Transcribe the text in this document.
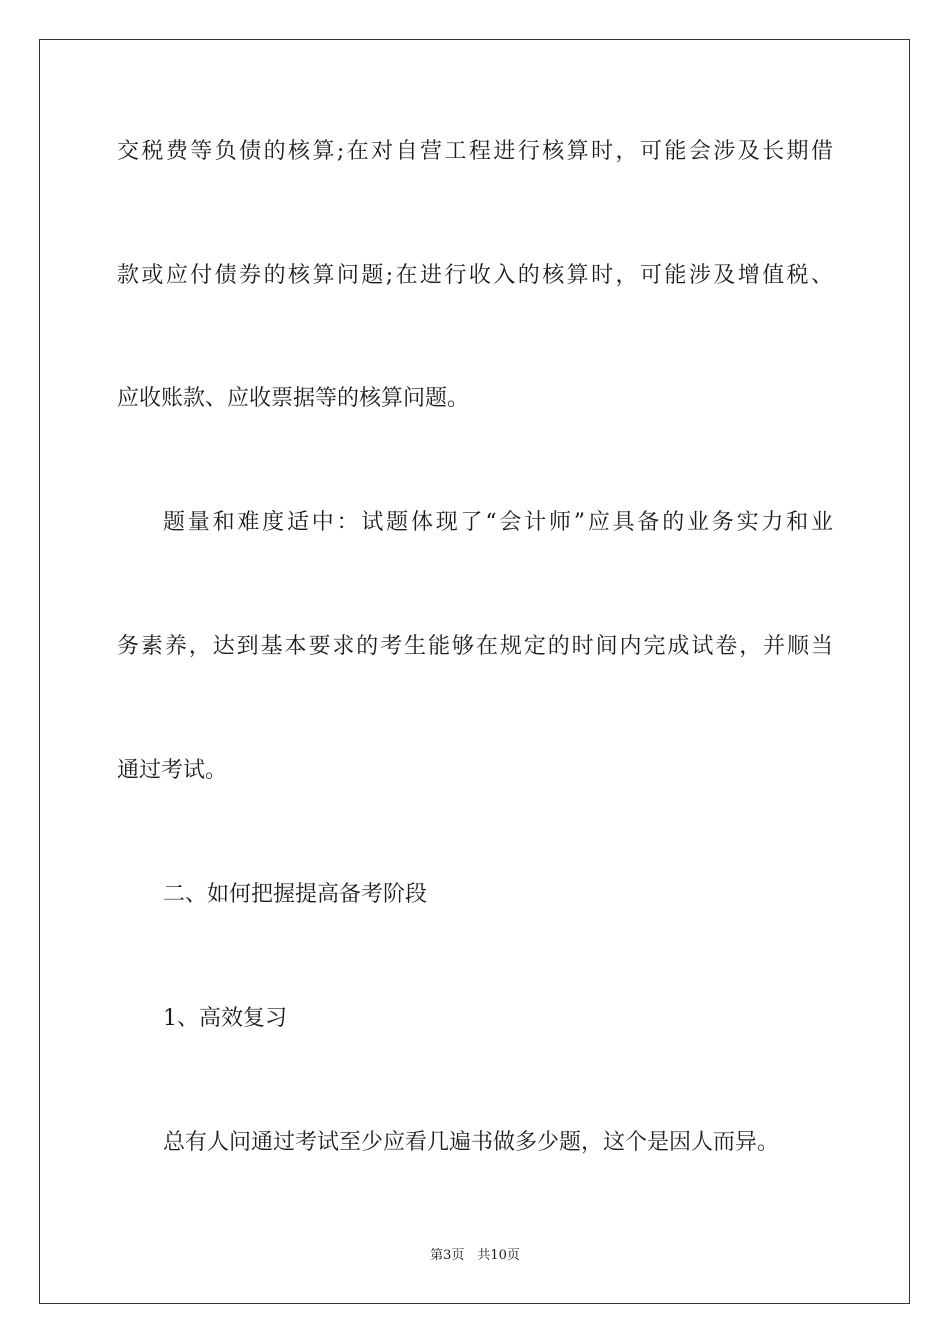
交税费等负债的核算;在对自营工程进行核算时，可能会涉及长期借
款或应付债券的核算问题;在进行收入的核算时，可能涉及增值税、
应收账款、应收票据等的核算问题。
题量和难度适中：试题体现了“会计师”应具备的业务实力和业
务素养，达到基本要求的考生能够在规定的时间内完成试卷，并顺当
通过考试。
二、如何把握提高备考阶段
1、高效复习
总有人问通过考试至少应看几遍书做多少题，这个是因人而异。
第3页　共10页
